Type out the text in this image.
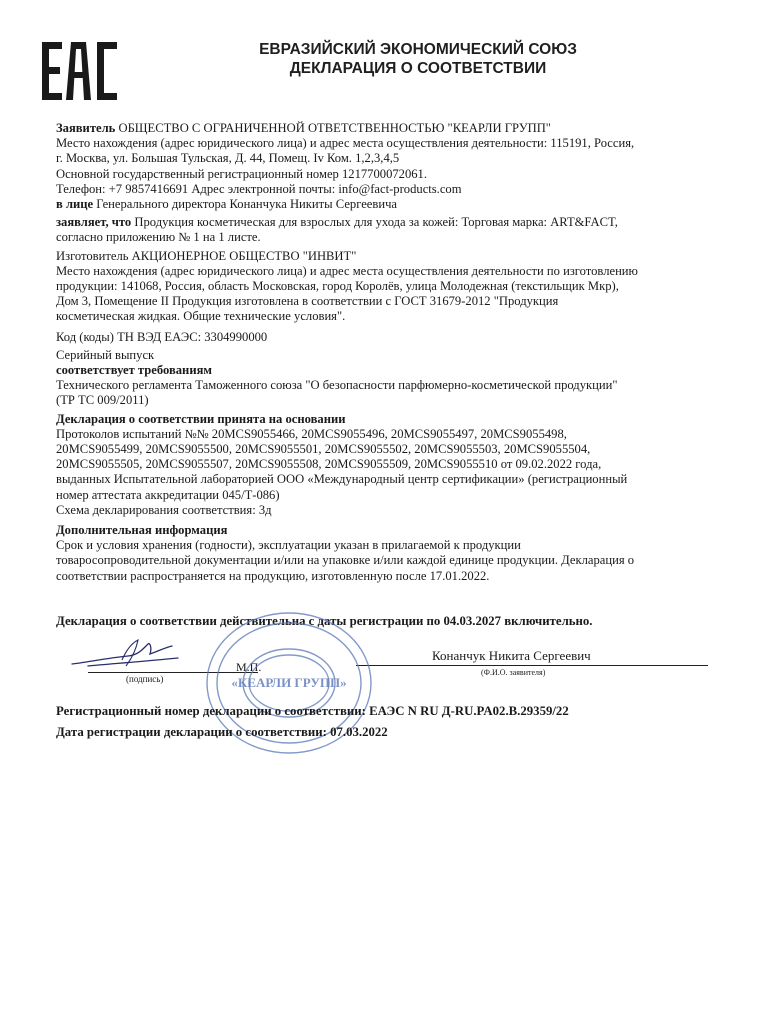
ЕВРАЗИЙСКИЙ ЭКОНОМИЧЕСКИЙ СОЮЗ
ДЕКЛАРАЦИЯ О СООТВЕТСТВИИ

Заявитель ОБЩЕСТВО С ОГРАНИЧЕННОЙ ОТВЕТСТВЕННОСТЬЮ "КЕАРЛИ ГРУПП"

Место нахождения (адрес юридического лица) и адрес места осуществления деятельности: 115191, Россия,

г. Москва, ул. Большая Тульская, Д. 44, Помещ. Iv Ком. 1,2,3,4,5

Основной государственный регистрационный номер 1217700072061.

Телефон: +7 9857416691 Адрес электронной почты: info@fact-products.com

в лице Генерального директора Конанчука Никиты Сергеевича

заявляет, что Продукция косметическая для взрослых для ухода за кожей: Торговая марка: ART&FACT,

согласно приложению № 1 на 1 листе.

Изготовитель АКЦИОНЕРНОЕ ОБЩЕСТВО "ИНВИТ"

Место нахождения (адрес юридического лица) и адрес места осуществления деятельности по изготовлению

продукции: 141068, Россия, область Московская, город Королёв, улица Молодежная (текстильщик Мкр),

Дом 3, Помещение II Продукция изготовлена в соответствии с ГОСТ 31679-2012 "Продукция

косметическая жидкая. Общие технические условия".

Код (коды) ТН ВЭД ЕАЭС: 3304990000

Серийный выпуск

соответствует требованиям

Технического регламента Таможенного союза "О безопасности парфюмерно-косметической продукции"

(ТР ТС 009/2011)

Декларация о соответствии принята на основании

Протоколов испытаний №№ 20MCS9055466, 20MCS9055496, 20MCS9055497, 20MCS9055498,

20MCS9055499, 20MCS9055500, 20MCS9055501, 20MCS9055502, 20MCS9055503, 20MCS9055504,

20MCS9055505, 20MCS9055507, 20MCS9055508, 20MCS9055509, 20MCS9055510 от 09.02.2022 года,

выданных Испытательной лабораторией ООО «Международный центр сертификации» (регистрационный

номер аттестата аккредитации 045/Т-086)

Схема декларирования соответствия: 3д

Дополнительная информация

Срок и условия хранения (годности), эксплуатации указан в прилагаемой к продукции

товаросопроводительной документации и/или на упаковке и/или каждой единице продукции. Декларация о

соответствии распространяется на продукцию, изготовленную после 17.01.2022.

Декларация о соответствии действительна с даты регистрации по 04.03.2027 включительно.
(подпись)
М.П.
Конанчук Никита Сергеевич
(Ф.И.О. заявителя)
«КЕАРЛИ ГРУПП»
Регистрационный номер декларации о соответствии: ЕАЭС N RU Д-RU.PA02.B.29359/22
Дата регистрации декларации о соответствии: 07.03.2022
